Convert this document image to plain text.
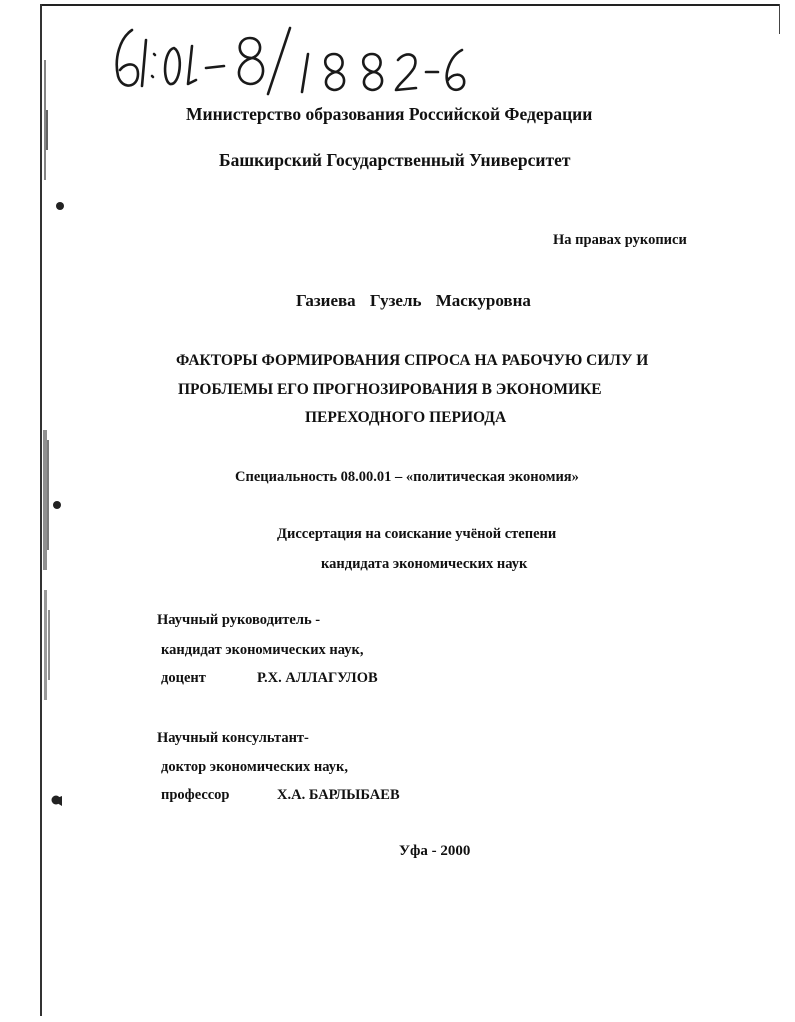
Министерство образования Российской Федерации
Башкирский Государственный Университет
На правах рукописи
Газиева Гузель Маскуровна
ФАКТОРЫ ФОРМИРОВАНИЯ СПРОСА НА РАБОЧУЮ СИЛУ И
ПРОБЛЕМЫ ЕГО ПРОГНОЗИРОВАНИЯ В ЭКОНОМИКЕ
ПЕРЕХОДНОГО ПЕРИОДА
Специальность 08.00.01 – «политическая экономия»
Диссертация на соискание учёной степени
кандидата экономических наук
Научный руководитель -
кандидат экономических наук,
доцент	Р.Х. АЛЛАГУЛОВ
Научный консультант-
доктор экономических наук,
профессор	Х.А. БАРЛЫБАЕВ
Уфа - 2000
